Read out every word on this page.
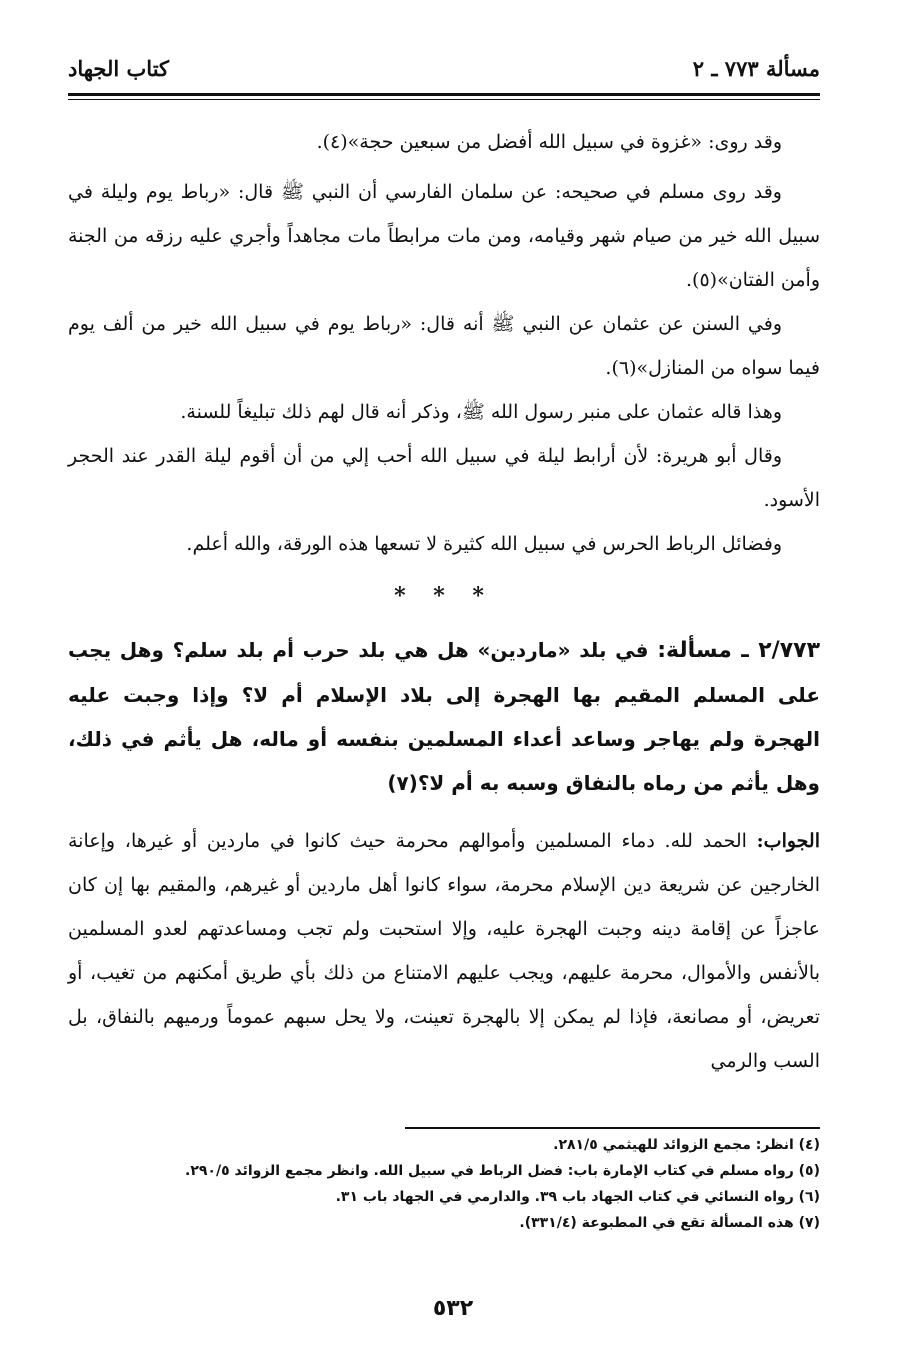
مسألة ٧٧٣ ـ ٢
كتاب الجهاد

وقد روى: «غزوة في سبيل الله أفضل من سبعين حجة»(٤).

وقد روى مسلم في صحيحه: عن سلمان الفارسي أن النبي ﷺ قال: «رباط يوم وليلة في سبيل الله خير من صيام شهر وقيامه، ومن مات مرابطاً مات مجاهداً وأجري عليه رزقه من الجنة وأمن الفتان»(٥).

وفي السنن عن عثمان عن النبي ﷺ أنه قال: «رباط يوم في سبيل الله خير من ألف يوم فيما سواه من المنازل»(٦).

وهذا قاله عثمان على منبر رسول الله ﷺ، وذكر أنه قال لهم ذلك تبليغاً للسنة.

وقال أبو هريرة: لأن أرابط ليلة في سبيل الله أحب إلي من أن أقوم ليلة القدر عند الحجر الأسود.

وفضائل الرباط الحرس في سبيل الله كثيرة لا تسعها هذه الورقة، والله أعلم.

* * *

٢/٧٧٣ ـ مسألة: في بلد «ماردين» هل هي بلد حرب أم بلد سلم؟ وهل يجب على المسلم المقيم بها الهجرة إلى بلاد الإسلام أم لا؟ وإذا وجبت عليه الهجرة ولم يهاجر وساعد أعداء المسلمين بنفسه أو ماله، هل يأثم في ذلك، وهل يأثم من رماه بالنفاق وسبه به أم لا؟(٧)

الجواب: الحمد لله. دماء المسلمين وأموالهم محرمة حيث كانوا في ماردين أو غيرها، وإعانة الخارجين عن شريعة دين الإسلام محرمة، سواء كانوا أهل ماردين أو غيرهم، والمقيم بها إن كان عاجزاً عن إقامة دينه وجبت الهجرة عليه، وإلا استحبت ولم تجب ومساعدتهم لعدو المسلمين بالأنفس والأموال، محرمة عليهم، ويجب عليهم الامتناع من ذلك بأي طريق أمكنهم من تغيب، أو تعريض، أو مصانعة، فإذا لم يمكن إلا بالهجرة تعينت، ولا يحل سبهم عموماً ورميهم بالنفاق، بل السب والرمي

(٤) انظر: مجمع الزوائد للهيثمي ٢٨١/٥.

(٥) رواه مسلم في كتاب الإمارة باب: فضل الرباط في سبيل الله. وانظر مجمع الزوائد ٢٩٠/٥.

(٦) رواه النسائي في كتاب الجهاد باب ٣٩. والدارمي في الجهاد باب ٣١.

(٧) هذه المسألة تقع في المطبوعة (٣٣١/٤).

٥٣٢
